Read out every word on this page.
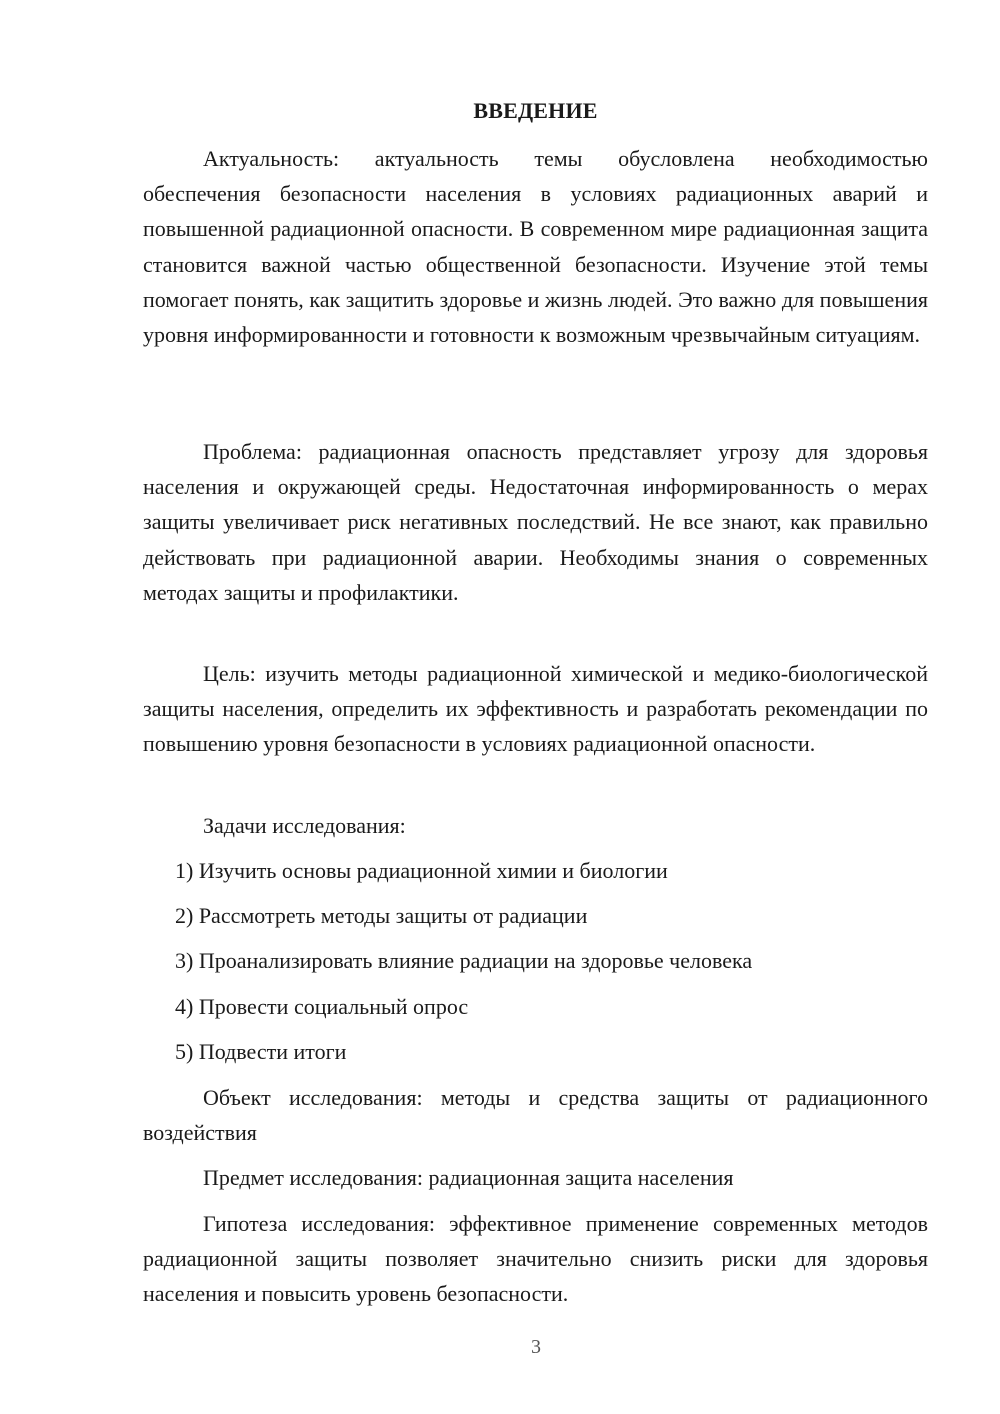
ВВЕДЕНИЕ

Актуальность: актуальность темы обусловлена необходимостью обеспечения безопасности населения в условиях радиационных аварий и повышенной радиационной опасности. В современном мире радиационная защита становится важной частью общественной безопасности. Изучение этой темы помогает понять, как защитить здоровье и жизнь людей. Это важно для повышения уровня информированности и готовности к возможным чрезвычайным ситуациям.

Проблема: радиационная опасность представляет угрозу для здоровья населения и окружающей среды. Недостаточная информированность о мерах защиты увеличивает риск негативных последствий. Не все знают, как правильно действовать при радиационной аварии. Необходимы знания о современных методах защиты и профилактики.

Цель: изучить методы радиационной химической и медико-биологической защиты населения, определить их эффективность и разработать рекомендации по повышению уровня безопасности в условиях радиационной опасности.

Задачи исследования:

1) Изучить основы радиационной химии и биологии

2) Рассмотреть методы защиты от радиации

3) Проанализировать влияние радиации на здоровье человека

4) Провести социальный опрос

5) Подвести итоги

Объект исследования: методы и средства защиты от радиационного воздействия

Предмет исследования: радиационная защита населения

Гипотеза исследования: эффективное применение современных методов радиационной защиты позволяет значительно снизить риски для здоровья населения и повысить уровень безопасности.

3
